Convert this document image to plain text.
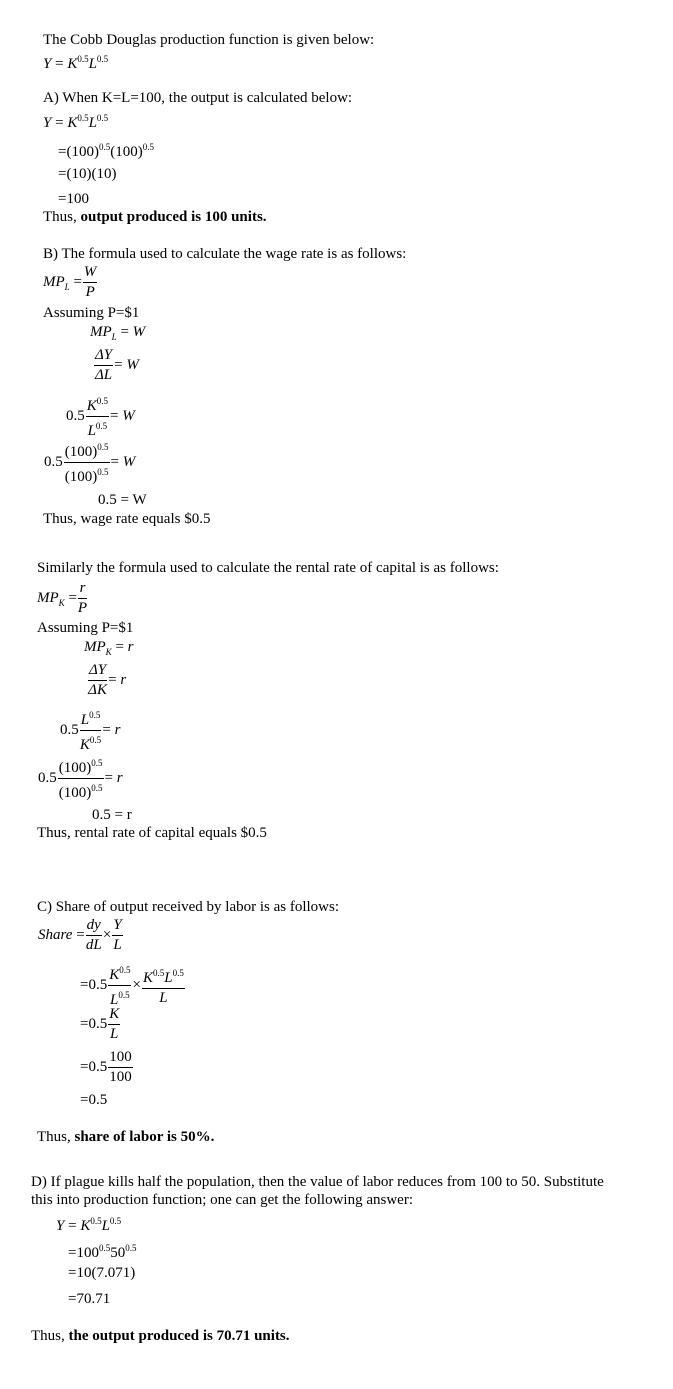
The Cobb Douglas production function is given below:
$Y = K^{0.5}L^{0.5}$
A) When K=L=100, the output is calculated below:
$Y = K^{0.5}L^{0.5}$
$=(100)^{0.5}(100)^{0.5}$
=(10)(10)
=100
Thus, output produced is 100 units.
B) The formula used to calculate the wage rate is as follows:
$MP_L = \frac{W}{P}$
Assuming P=$1
$MP_L = W$
$\frac{\Delta Y}{\Delta L} = W$
$0.5 \frac{K^{0.5}}{L^{0.5}} = W$
$0.5 \frac{(100)^{0.5}}{(100)^{0.5}} = W$
0.5 = W
Thus, wage rate equals $0.5
Similarly the formula used to calculate the rental rate of capital is as follows:
$MP_K = \frac{r}{P}$
Assuming P=$1
$MP_K = r$
$\frac{\Delta Y}{\Delta K} = r$
$0.5 \frac{L^{0.5}}{K^{0.5}} = r$
$0.5 \frac{(100)^{0.5}}{(100)^{0.5}} = r$
0.5 = r
Thus, rental rate of capital equals $0.5
C) Share of output received by labor is as follows:
Share = $\frac{dy}{dL} \times \frac{Y}{L}$
$=0.5 \frac{K^{0.5}}{L^{0.5}} \times \frac{K^{0.5}L^{0.5}}{L}$
$=0.5 \frac{K}{L}$
$=0.5 \frac{100}{100}$
=0.5
Thus, share of labor is 50%.
D) If plague kills half the population, then the value of labor reduces from 100 to 50. Substitute
this into production function; one can get the following answer:
$Y = K^{0.5}L^{0.5}$
$=100^{0.5}50^{0.5}$
=10(7.071)
=70.71
Thus, the output produced is 70.71 units.
